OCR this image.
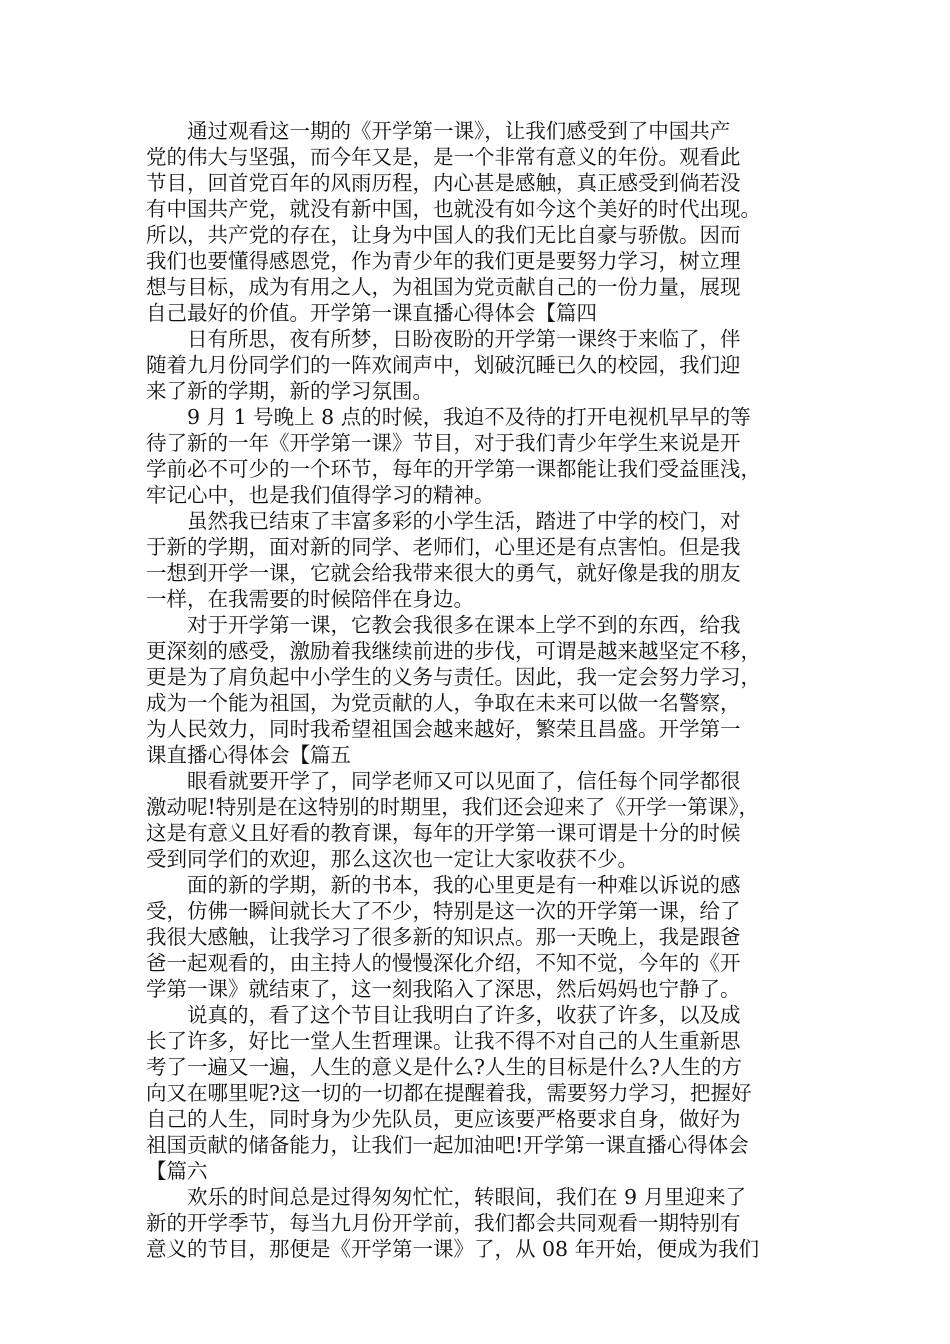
　　通过观看这一期的《开学第一课》，让我们感受到了中国共产
党的伟大与坚强，而今年又是，是一个非常有意义的年份。观看此
节目，回首党百年的风雨历程，内心甚是感触，真正感受到倘若没
有中国共产党，就没有新中国，也就没有如今这个美好的时代出现。
所以，共产党的存在，让身为中国人的我们无比自豪与骄傲。因而
我们也要懂得感恩党，作为青少年的我们更是要努力学习，树立理
想与目标，成为有用之人，为祖国为党贡献自己的一份力量，展现
自己最好的价值。开学第一课直播心得体会【篇四
　　日有所思，夜有所梦，日盼夜盼的开学第一课终于来临了，伴
随着九月份同学们的一阵欢闹声中，划破沉睡已久的校园，我们迎
来了新的学期，新的学习氛围。
　　9 月 1 号晚上 8 点的时候，我迫不及待的打开电视机早早的等
待了新的一年《开学第一课》节目，对于我们青少年学生来说是开
学前必不可少的一个环节，每年的开学第一课都能让我们受益匪浅，
牢记心中，也是我们值得学习的精神。
　　虽然我已结束了丰富多彩的小学生活，踏进了中学的校门，对
于新的学期，面对新的同学、老师们，心里还是有点害怕。但是我
一想到开学一课，它就会给我带来很大的勇气，就好像是我的朋友
一样，在我需要的时候陪伴在身边。
　　对于开学第一课，它教会我很多在课本上学不到的东西，给我
更深刻的感受，激励着我继续前进的步伐，可谓是越来越坚定不移，
更是为了肩负起中小学生的义务与责任。因此，我一定会努力学习，
成为一个能为祖国，为党贡献的人，争取在未来可以做一名警察，
为人民效力，同时我希望祖国会越来越好，繁荣且昌盛。开学第一
课直播心得体会【篇五
　　眼看就要开学了，同学老师又可以见面了，信任每个同学都很
激动呢!特别是在这特别的时期里，我们还会迎来了《开学一第课》，
这是有意义且好看的教育课，每年的开学第一课可谓是十分的时候
受到同学们的欢迎，那么这次也一定让大家收获不少。
　　面的新的学期，新的书本，我的心里更是有一种难以诉说的感
受，仿佛一瞬间就长大了不少，特别是这一次的开学第一课，给了
我很大感触，让我学习了很多新的知识点。那一天晚上，我是跟爸
爸一起观看的，由主持人的慢慢深化介绍，不知不觉，今年的《开
学第一课》就结束了，这一刻我陷入了深思，然后妈妈也宁静了。
　　说真的，看了这个节目让我明白了许多，收获了许多，以及成
长了许多，好比一堂人生哲理课。让我不得不对自己的人生重新思
考了一遍又一遍，人生的意义是什么?人生的目标是什么?人生的方
向又在哪里呢?这一切的一切都在提醒着我，需要努力学习，把握好
自己的人生，同时身为少先队员，更应该要严格要求自身，做好为
祖国贡献的储备能力，让我们一起加油吧!开学第一课直播心得体会
【篇六
　　欢乐的时间总是过得匆匆忙忙，转眼间，我们在 9 月里迎来了
新的开学季节，每当九月份开学前，我们都会共同观看一期特别有
意义的节目，那便是《开学第一课》了，从 08 年开始，便成为我们
